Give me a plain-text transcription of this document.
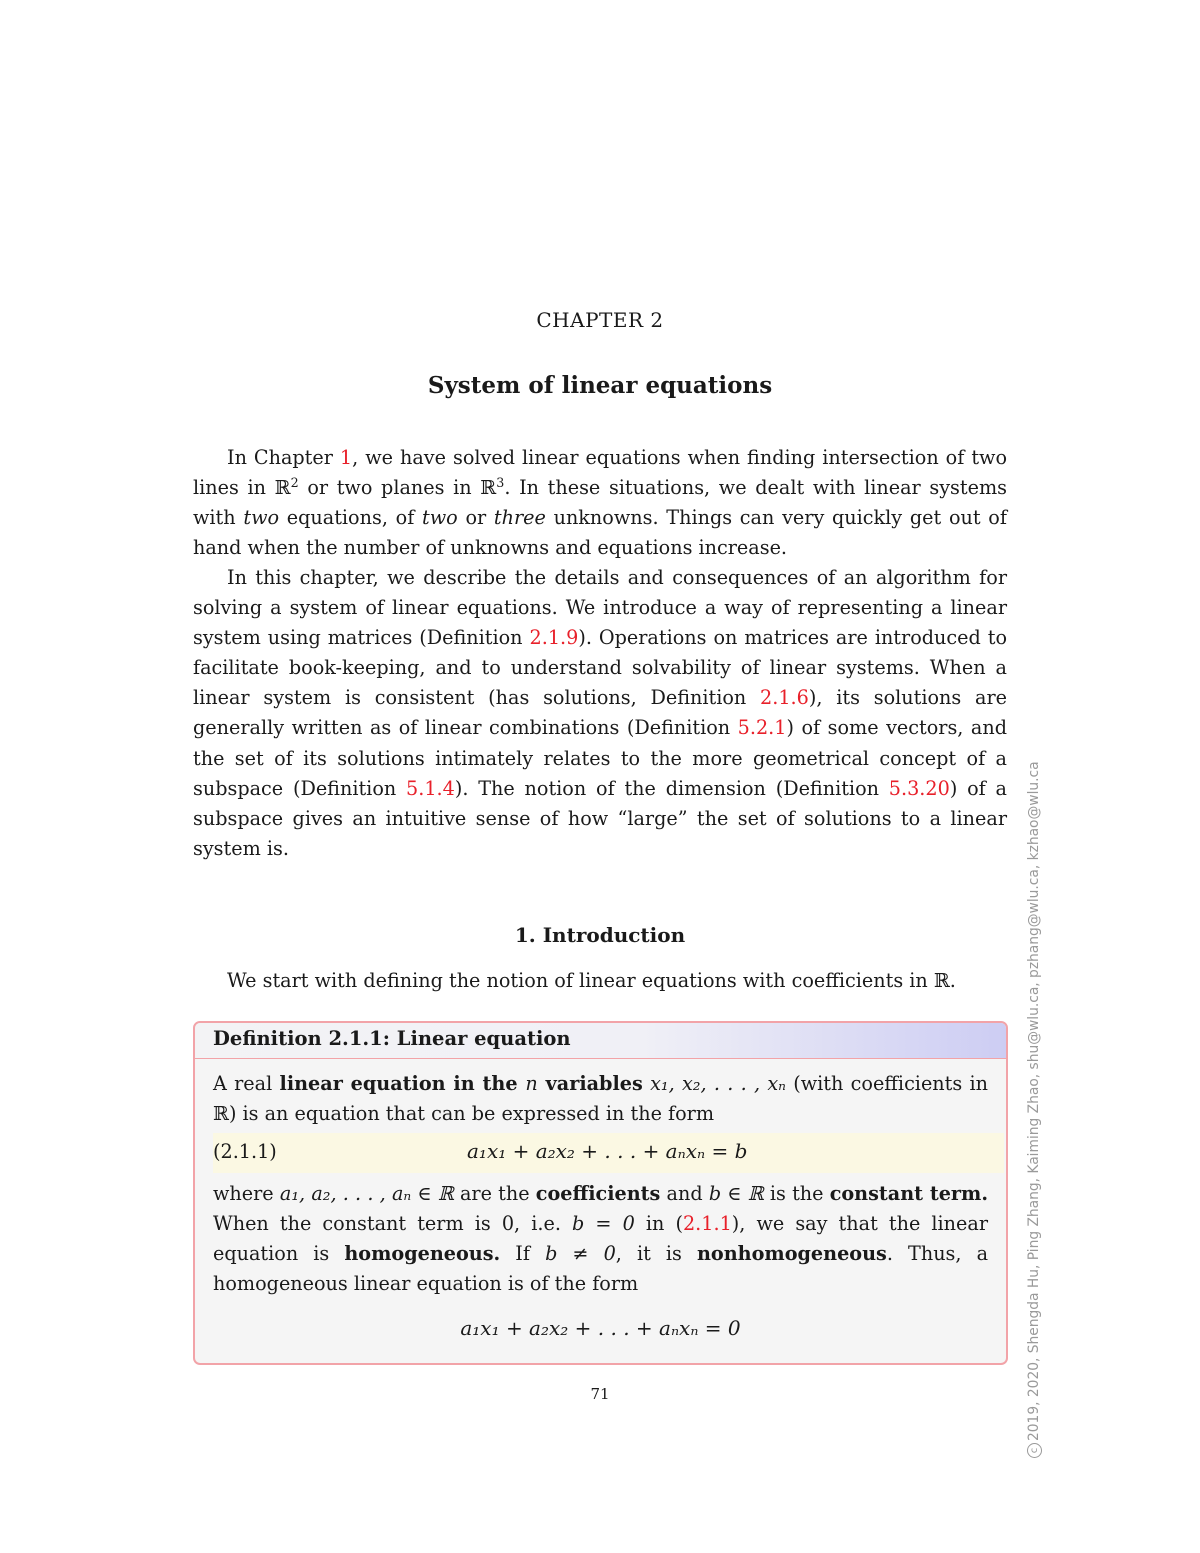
CHAPTER 2
System of linear equations

In Chapter 1, we have solved linear equations when finding intersection of two lines in ℝ$^2$ or two planes in ℝ$^3$. In these situations, we dealt with linear systems with two equations, of two or three unknowns. Things can very quickly get out of hand when the number of unknowns and equations increase.

In this chapter, we describe the details and consequences of an algorithm for solving a system of linear equations. We introduce a way of representing a linear system using matrices (Definition 2.1.9). Operations on matrices are introduced to facilitate book-keeping, and to understand solvability of linear systems. When a linear system is consistent (has solutions, Definition 2.1.6), its solutions are generally written as of linear combinations (Definition 5.2.1) of some vectors, and the set of its solutions intimately relates to the more geometrical concept of a subspace (Definition 5.1.4). The notion of the dimension (Definition 5.3.20) of a subspace gives an intuitive sense of how “large” the set of solutions to a linear system is.

1. Introduction
We start with defining the notion of linear equations with coefficients in ℝ.
Definition 2.1.1: Linear equation

A real linear equation in the n variables x₁, x₂, . . . , xₙ (with coefficients in ℝ) is an equation that can be expressed in the form

(2.1.1)	a₁x₁ + a₂x₂ + . . . + aₙxₙ = b

where a₁, a₂, . . . , aₙ ∈ ℝ are the coefficients and b ∈ ℝ is the constant term. When the constant term is 0, i.e. b = 0 in (2.1.1), we say that the linear equation is homogeneous. If b ≠ 0, it is nonhomogeneous. Thus, a homogeneous linear equation is of the form

a₁x₁ + a₂x₂ + . . . + aₙxₙ = 0
71
c2019, 2020, Shengda Hu, Ping Zhang, Kaiming Zhao, shu@wlu.ca, pzhang@wlu.ca, kzhao@wlu.ca
